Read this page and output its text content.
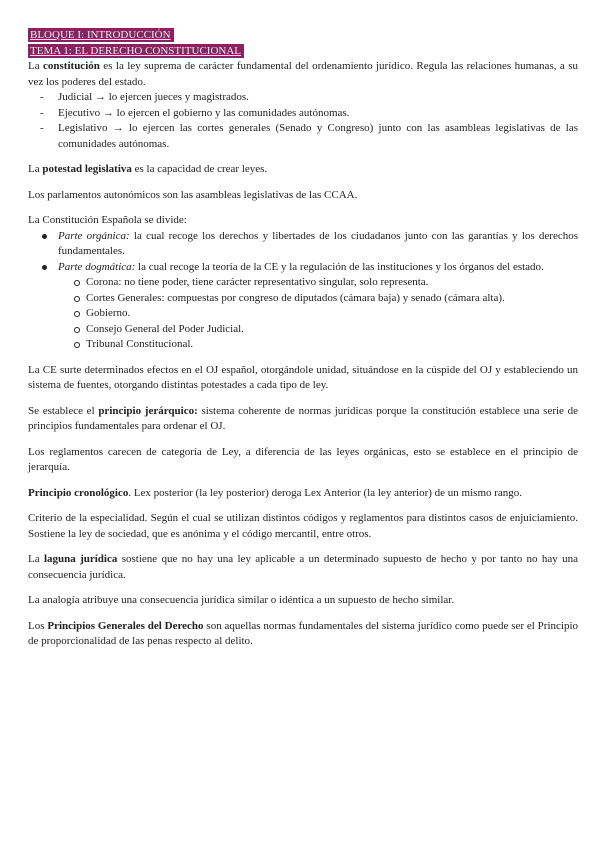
BLOQUE I: INTRODUCCIÓN
TEMA 1: EL DERECHO CONSTITUCIONAL

La constitución es la ley suprema de carácter fundamental del ordenamiento jurídico. Regula las relaciones humanas, a su vez los poderes del estado.

- Judicial → lo ejercen jueces y magistrados.
- Ejecutivo → lo ejercen el gobierno y las comunidades autónomas.
- Legislativo → lo ejercen las cortes generales (Senado y Congreso) junto con las asambleas legislativas de las comunidades autónomas.

La potestad legislativa es la capacidad de crear leyes.

Los parlamentos autonómicos son las asambleas legislativas de las CCAA.

La Constitución Española se divide:

Parte orgánica: la cual recoge los derechos y libertades de los ciudadanos junto con las garantías y los derechos fundamentales.
Parte dogmática: la cual recoge la teoría de la CE y la regulación de las instituciones y los órganos del estado.
Corona: no tiene poder, tiene carácter representativo singular, solo representa.
Cortes Generales: compuestas por congreso de diputados (cámara baja) y senado (cámara alta).
Gobierno.
Consejo General del Poder Judicial.
Tribunal Constitucional.

La CE surte determinados efectos en el OJ español, otorgándole unidad, situándose en la cúspide del OJ y estableciendo un sistema de fuentes, otorgando distintas potestades a cada tipo de ley.

Se establece el principio jerárquico: sistema coherente de normas jurídicas porque la constitución establece una serie de principios fundamentales para ordenar el OJ.

Los reglamentos carecen de categoría de Ley, a diferencia de las leyes orgánicas, esto se establece en el principio de jerarquía.

Principio cronológico. Lex posterior (la ley posterior) deroga Lex Anterior (la ley anterior) de un mismo rango.

Criterio de la especialidad. Según el cual se utilizan distintos códigos y reglamentos para distintos casos de enjuiciamiento. Sostiene la ley de sociedad, que es anónima y el código mercantil, entre otros.

La laguna jurídica sostiene que no hay una ley aplicable a un determinado supuesto de hecho y por tanto no hay una consecuencia jurídica.

La analogía atribuye una consecuencia jurídica similar o idéntica a un supuesto de hecho similar.

Los Principios Generales del Derecho son aquellas normas fundamentales del sistema jurídico como puede ser el Principio de proporcionalidad de las penas respecto al delito.
